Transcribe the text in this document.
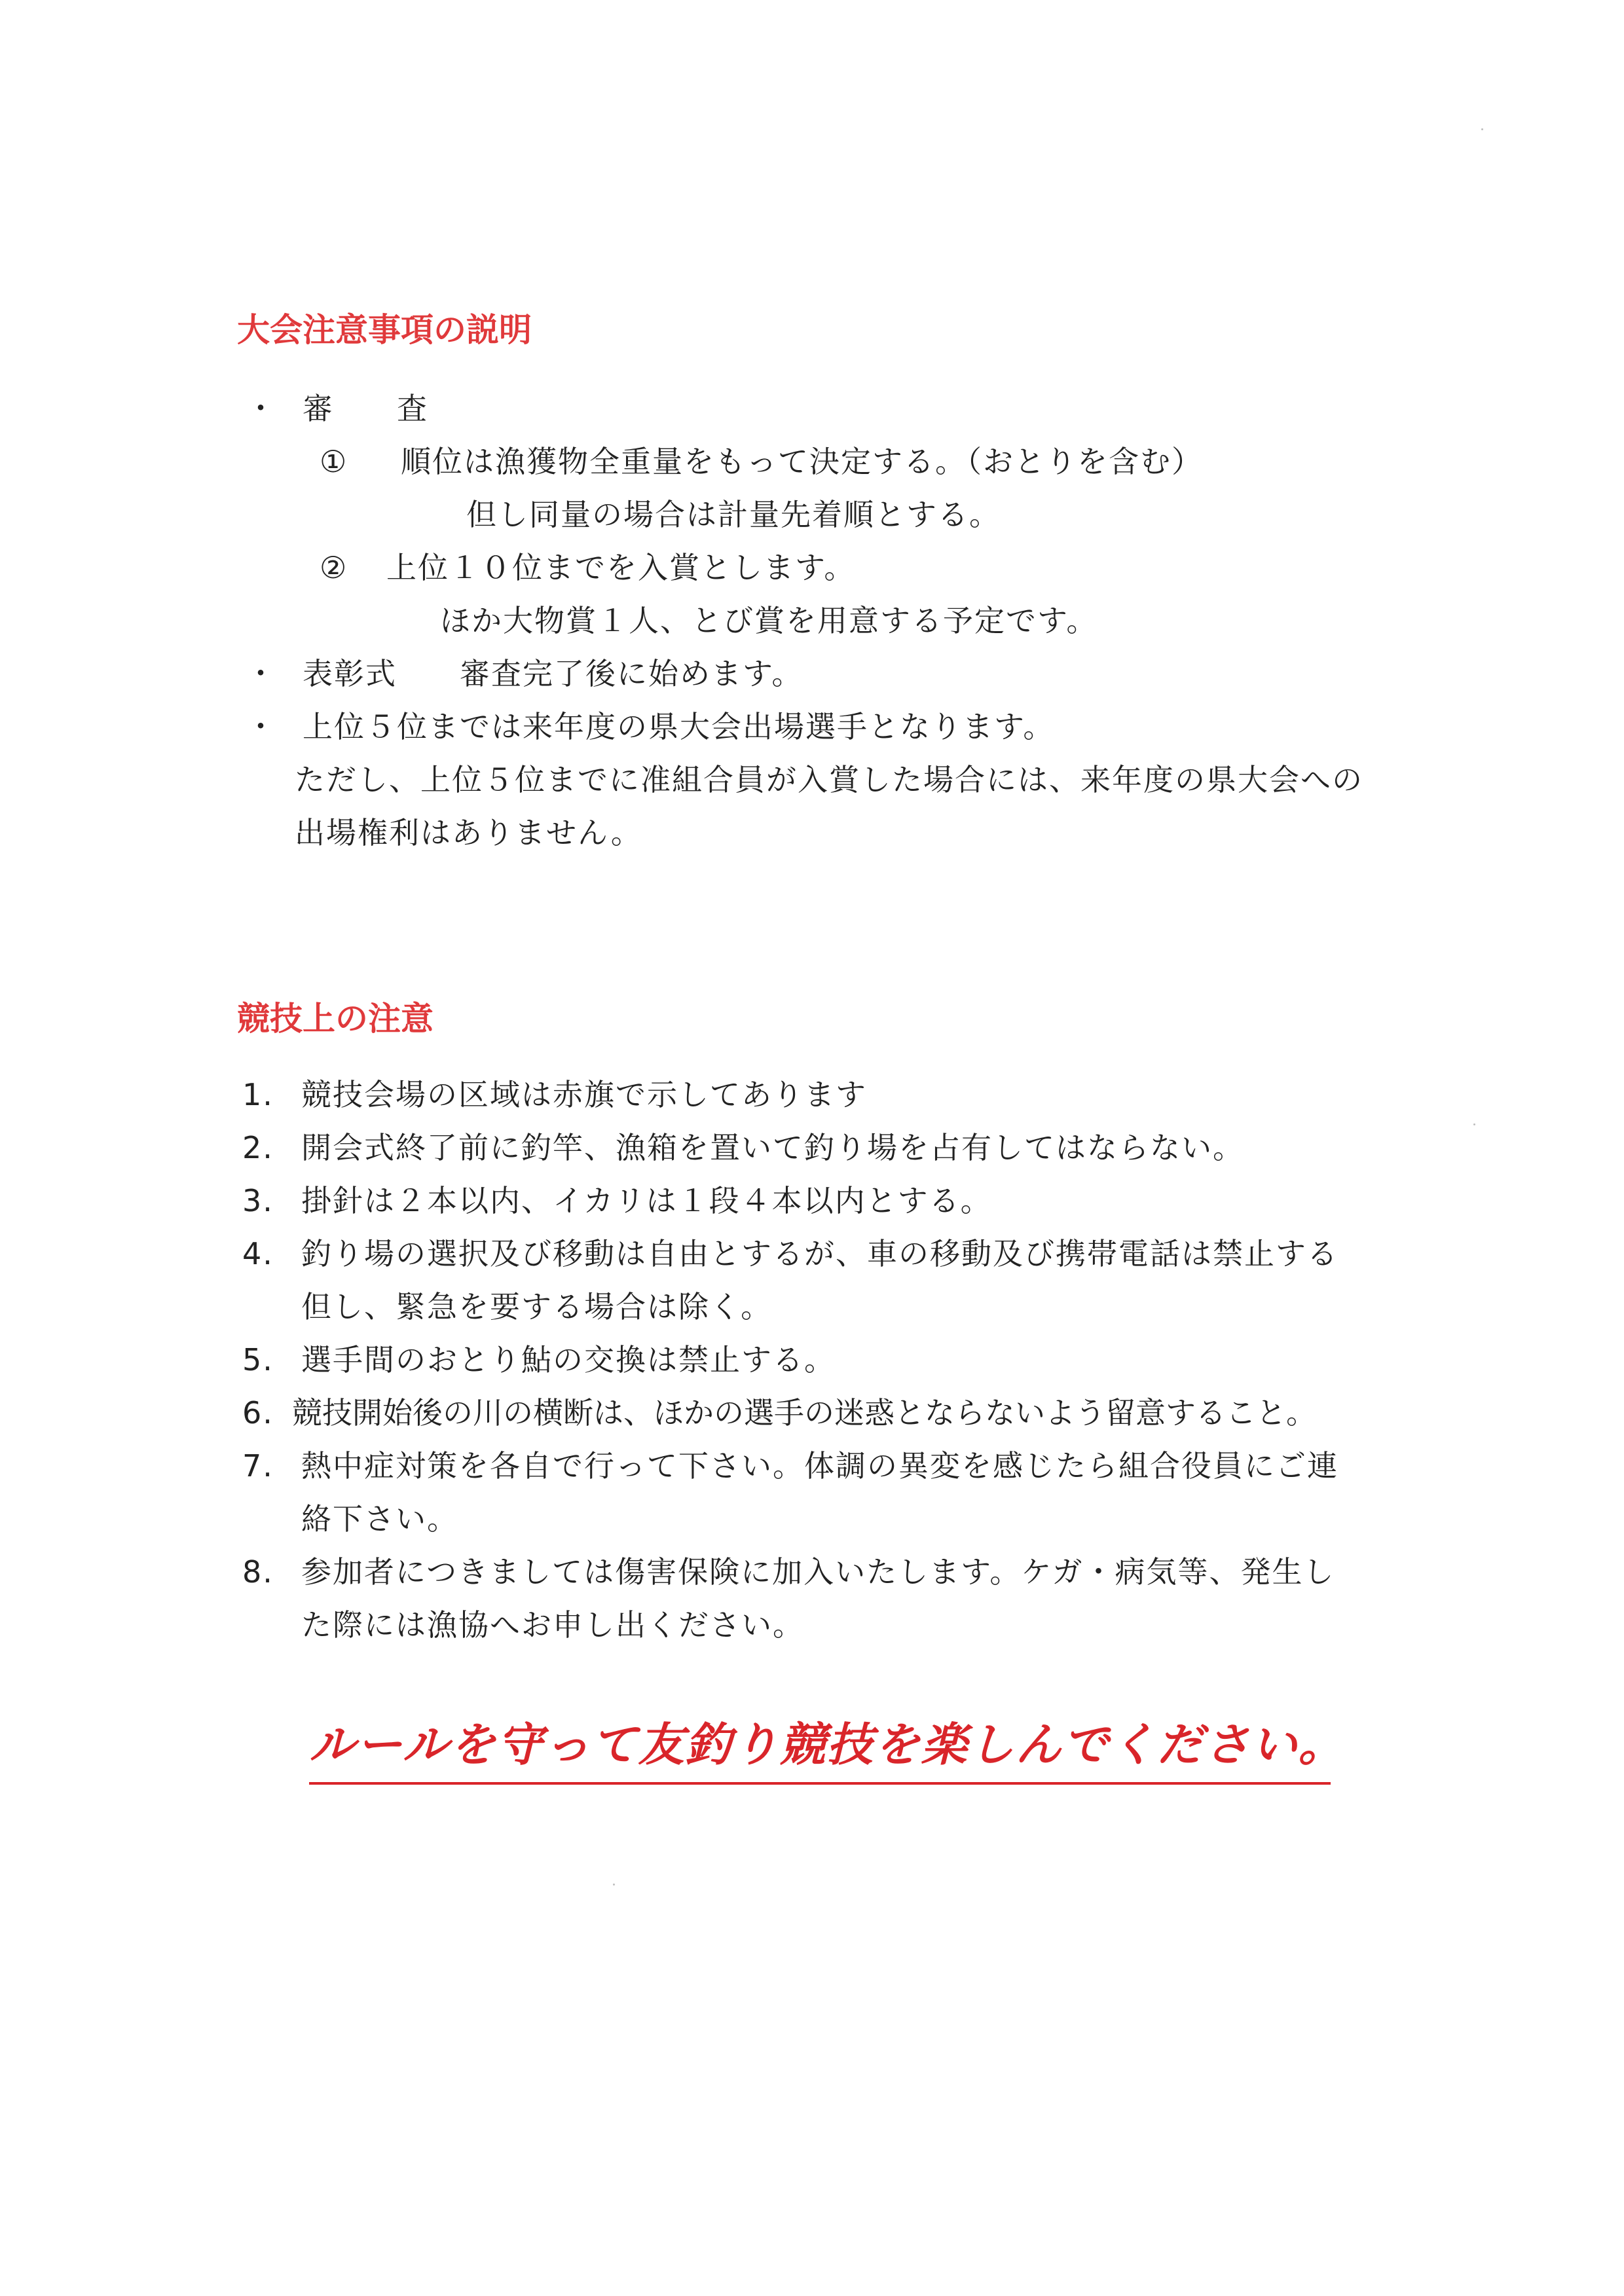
大会注意事項の説明
・ 審　　査
① 順位は漁獲物全重量をもって決定する。（おとりを含む）
但し同量の場合は計量先着順とする。
② 上位１０位までを入賞とします。
ほか大物賞１人、とび賞を用意する予定です。
・ 表彰式　　審査完了後に始めます。
・ 上位５位までは来年度の県大会出場選手となります。
ただし、上位５位までに准組合員が入賞した場合には、来年度の県大会への
出場権利はありません。
競技上の注意
1. 競技会場の区域は赤旗で示してあります
2. 開会式終了前に釣竿、漁箱を置いて釣り場を占有してはならない。
3. 掛針は２本以内、イカリは１段４本以内とする。
4. 釣り場の選択及び移動は自由とするが、車の移動及び携帯電話は禁止する
但し、緊急を要する場合は除く。
5. 選手間のおとり鮎の交換は禁止する。
6. 競技開始後の川の横断は、ほかの選手の迷惑とならないよう留意すること。
7. 熱中症対策を各自で行って下さい。体調の異変を感じたら組合役員にご連
絡下さい。
8. 参加者につきましては傷害保険に加入いたします。ケガ・病気等、発生し
た際には漁協へお申し出ください。
ルールを守って友釣り競技を楽しんでください。
